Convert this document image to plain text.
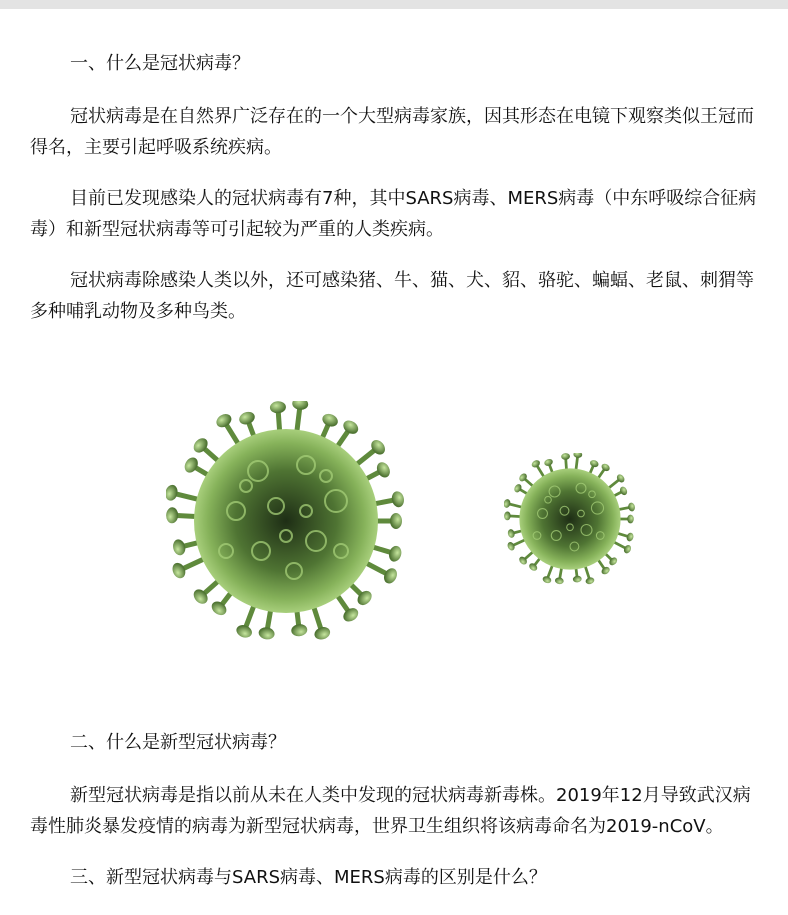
一、什么是冠状病毒？

冠状病毒是在自然界广泛存在的一个大型病毒家族，因其形态在电镜下观察类似王冠而得名，主要引起呼吸系统疾病。

目前已发现感染人的冠状病毒有7种，其中SARS病毒、MERS病毒（中东呼吸综合征病毒）和新型冠状病毒等可引起较为严重的人类疾病。

冠状病毒除感染人类以外，还可感染猪、牛、猫、犬、貂、骆驼、蝙蝠、老鼠、刺猬等多种哺乳动物及多种鸟类。

二、什么是新型冠状病毒？

新型冠状病毒是指以前从未在人类中发现的冠状病毒新毒株。2019年12月导致武汉病毒性肺炎暴发疫情的病毒为新型冠状病毒，世界卫生组织将该病毒命名为2019-nCoV。

三、新型冠状病毒与SARS病毒、MERS病毒的区别是什么？
